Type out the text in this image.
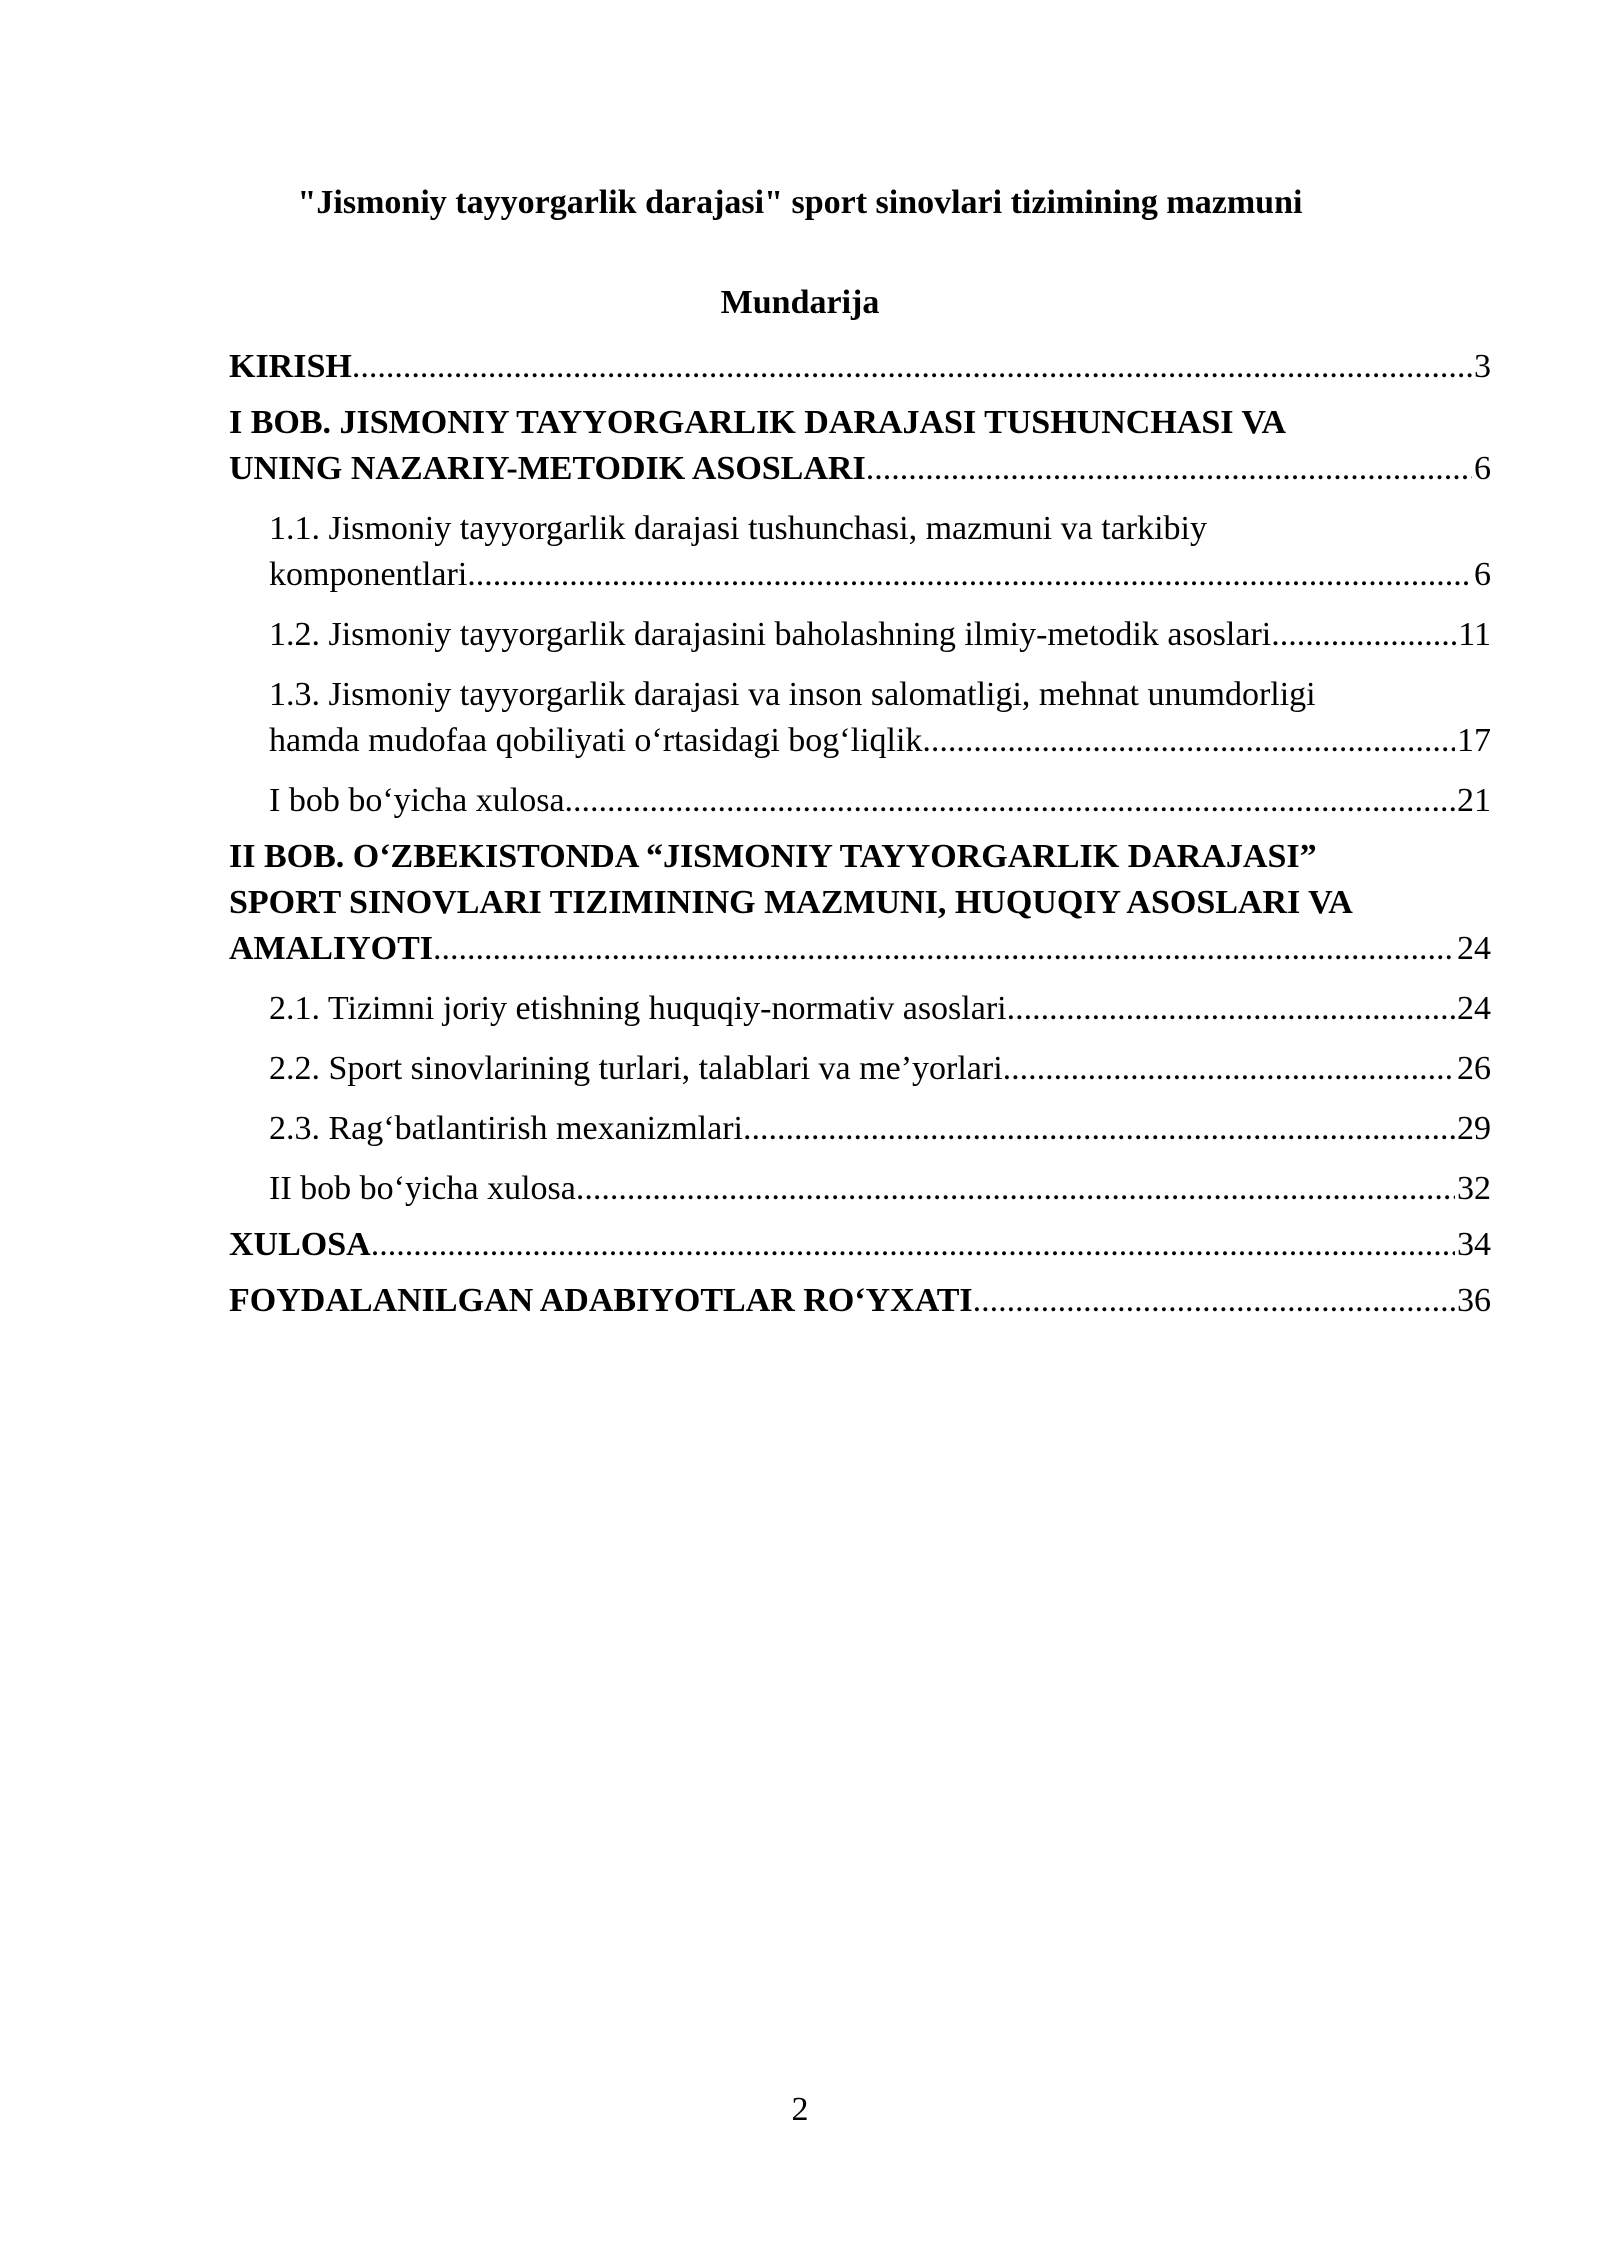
"Jismoniy tayyorgarlik darajasi" sport sinovlari tizimining mazmuni
Mundarija
KIRISH .....	3
I BOB. JISMONIY TAYYORGARLIK DARAJASI TUSHUNCHASI VA
UNING NAZARIY-METODIK ASOSLARI .....	6
1.1. Jismoniy tayyorgarlik darajasi tushunchasi, mazmuni va tarkibiy
komponentlari .....	6
1.2. Jismoniy tayyorgarlik darajasini baholashning ilmiy-metodik asoslari. .....	11
1.3. Jismoniy tayyorgarlik darajasi va inson salomatligi, mehnat unumdorligi
hamda mudofaa qobiliyati o‘rtasidagi bog‘liqlik .....	17
I bob bo‘yicha xulosa .....	21
II BOB. O‘ZBEKISTONDA “JISMONIY TAYYORGARLIK DARAJASI”
SPORT SINOVLARI TIZIMINING MAZMUNI, HUQUQIY ASOSLARI VA
AMALIYOTI .....	24
2.1. Tizimni joriy etishning huquqiy-normativ asoslari .....	24
2.2. Sport sinovlarining turlari, talablari va me’yorlari .....	26
2.3. Rag‘batlantirish mexanizmlari .....	29
II bob bo‘yicha xulosa .....	32
XULOSA .....	34
FOYDALANILGAN ADABIYOTLAR RO‘YXATI .....	36
2
